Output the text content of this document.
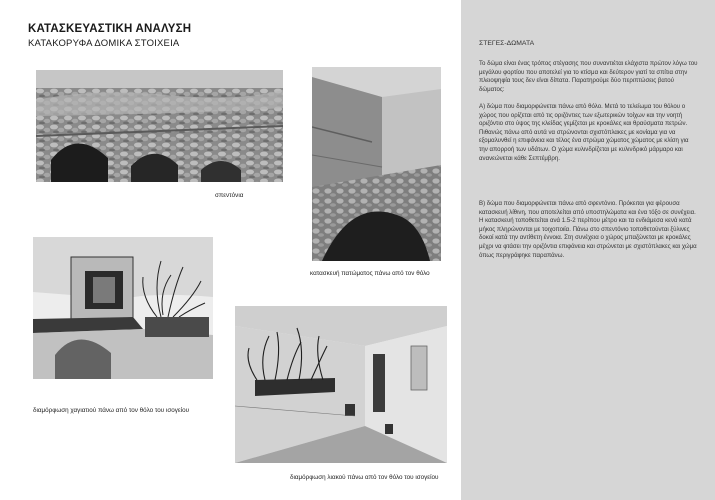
ΚΑΤΑΣΚΕΥΑΣΤΙΚΗ ΑΝΑΛΥΣΗ
ΚΑΤΑΚΟΡΥΦΑ ΔΟΜΙΚΑ ΣΤΟΙΧΕΙΑ
σπεντόνια
κατασκευή πατώματος πάνω από τον θόλο
διαμόρφωση χαγιατιού πάνω από τον θόλο του ισογείου
διαμόρφωση λιακού πάνω από τον θόλο του ισογείου
ΣΤΕΓΕΣ-ΔΩΜΑΤΑ

Το δώμα είναι ένας τρόπος στέγασης που συναντιέται ελάχιστα πρώτον λόγω του μεγάλου φορτίου που αποτελεί για το κτίσμα και δεύτερον γιατί τα σπίτια στην πλειοψηφία τους δεν είναι δίπατα. Παρατηρούμε δύο περιπτώσεις βατού δώματος:

Α) δώμα που διαμορφώνεται πάνω από θόλο. Μετά το τελείωμα του θόλου ο χώρος που ορίζεται από τις οριζόντιες των εξωτερικών τοίχων και την νοητή οριζόντιο στο ύψος της κλείδας γεμίζεται με κροκάλες και θραύσματα πετρών. Πιθανώς πάνω από αυτά να στρώνονται σχιστόπλακες με κονίαμα για να εξομαλυνθεί η επιφάνεια και τέλος ένα στρώμα χώματος χώματος με κλίση για την απορροή των υδάτων. Ο χώμα κυλινδρίζεται με κυλινδρικό μάρμαρο και ανανεώνεται κάθε Σεπτέμβρη.

Β) δώμα που διαμορφώνεται πάνω από σφεντόνιο. Πρόκειται για φέρουσα κατασκευή λίθινη, που αποτελείται από υποστηλώματα και ένα τόξο σε συνέχεια. Η κατασκευή τοποθετείται ανά 1.5-2 περίπου μέτρο και τα ενδιάμεσα κενά κατά μήκος πληρώνονται με τοιχοποιία. Πάνω στο σπεντόνιο τοποθετούνται ξύλινες δοκοί κατά την αντίθετη έννοια. Στη συνέχεια ο χώρος μπαζώνεται με κροκάλες μέχρι να φτάσει την οριζόντια επιφάνεια και στρώνεται με σχιστόπλακες και χώμα όπως περιγράφηκε παραπάνω.
